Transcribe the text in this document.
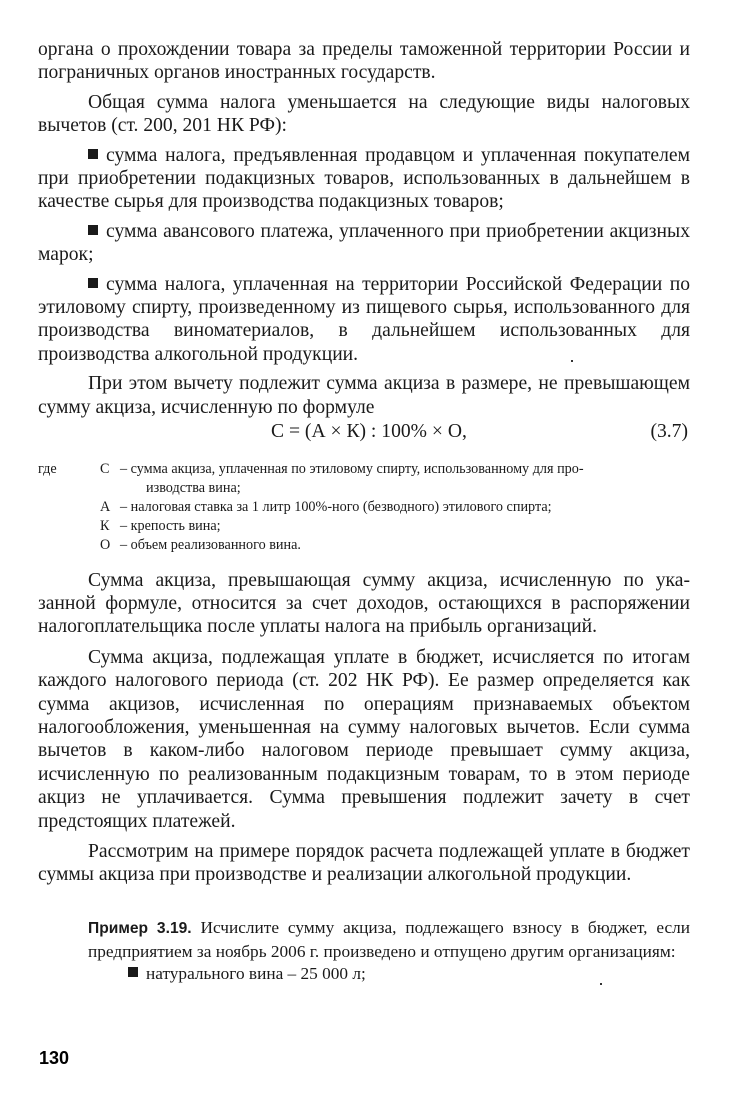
органа о прохождении товара за пределы таможенной территории России и пограничных органов иностранных государств.

Общая сумма налога уменьшается на следующие виды налоговых вычетов (ст. 200, 201 НК РФ):

сумма налога, предъявленная продавцом и уплаченная покупателем при приобретении подакцизных товаров, использованных в дальнейшем в качестве сырья для производства подакцизных товаров;

сумма авансового платежа, уплаченного при приобретении акцизных марок;

сумма налога, уплаченная на территории Российской Федерации по этиловому спирту, произведенному из пищевого сырья, использованного для производства виноматериалов, в дальнейшем использованных для производства алкогольной продукции.

При этом вычету подлежит сумма акциза в размере, не превышающем сумму акциза, исчисленную по формуле

С = (А × К) : 100% × О,	(3.7)
где	С – сумма акциза, уплаченная по этиловому спирту, использованному для про-
изводства вина;
А – налоговая ставка за 1 литр 100%-ного (безводного) этилового спирта;
К – крепость вина;
О – объем реализованного вина.

Сумма акциза, превышающая сумму акциза, исчисленную по указанной формуле, относится за счет доходов, остающихся в распоряжении налогоплательщика после уплаты налога на прибыль организаций.

Сумма акциза, подлежащая уплате в бюджет, исчисляется по итогам каждого налогового периода (ст. 202 НК РФ). Ее размер определяется как сумма акцизов, исчисленная по операциям признаваемых объектом налогообложения, уменьшенная на сумму налоговых вычетов. Если сумма вычетов в каком-либо налоговом периоде превышает сумму акциза, исчисленную по реализованным подакцизным товарам, то в этом периоде акциз не уплачивается. Сумма превышения подлежит зачету в счет предстоящих платежей.

Рассмотрим на примере порядок расчета подлежащей уплате в бюджет суммы акциза при производстве и реализации алкогольной продукции.

Пример 3.19. Исчислите сумму акциза, подлежащего взносу в бюджет, если предприятием за ноябрь 2006 г. произведено и отпущено другим организациям:

натурального вина – 25 000 л;

130
